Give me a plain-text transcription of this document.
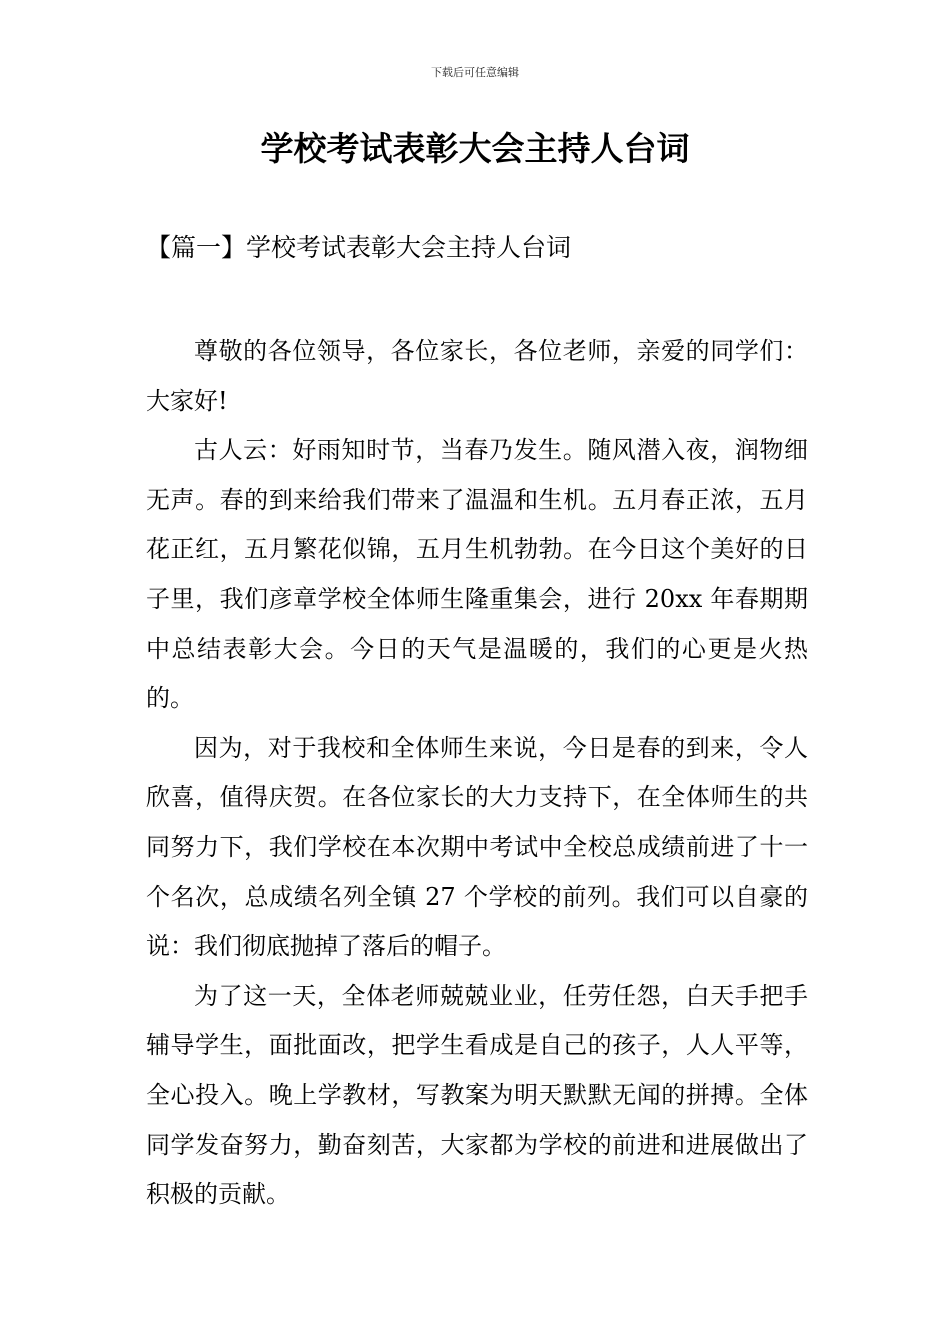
下载后可任意编辑
学校考试表彰大会主持人台词
【篇一】学校考试表彰大会主持人台词

尊敬的各位领导，各位家长，各位老师，亲爱的同学们：大家好!

古人云：好雨知时节，当春乃发生。随风潜入夜，润物细无声。春的到来给我们带来了温温和生机。五月春正浓，五月花正红，五月繁花似锦，五月生机勃勃。在今日这个美好的日子里，我们彦章学校全体师生隆重集会，进行 20xx 年春期期中总结表彰大会。今日的天气是温暖的，我们的心更是火热的。

因为，对于我校和全体师生来说，今日是春的到来，令人欣喜，值得庆贺。在各位家长的大力支持下，在全体师生的共同努力下，我们学校在本次期中考试中全校总成绩前进了十一个名次，总成绩名列全镇 27 个学校的前列。我们可以自豪的说：我们彻底抛掉了落后的帽子。

为了这一天，全体老师兢兢业业，任劳任怨，白天手把手辅导学生，面批面改，把学生看成是自己的孩子，人人平等，全心投入。晚上学教材，写教案为明天默默无闻的拼搏。全体同学发奋努力，勤奋刻苦，大家都为学校的前进和进展做出了积极的贡献。
